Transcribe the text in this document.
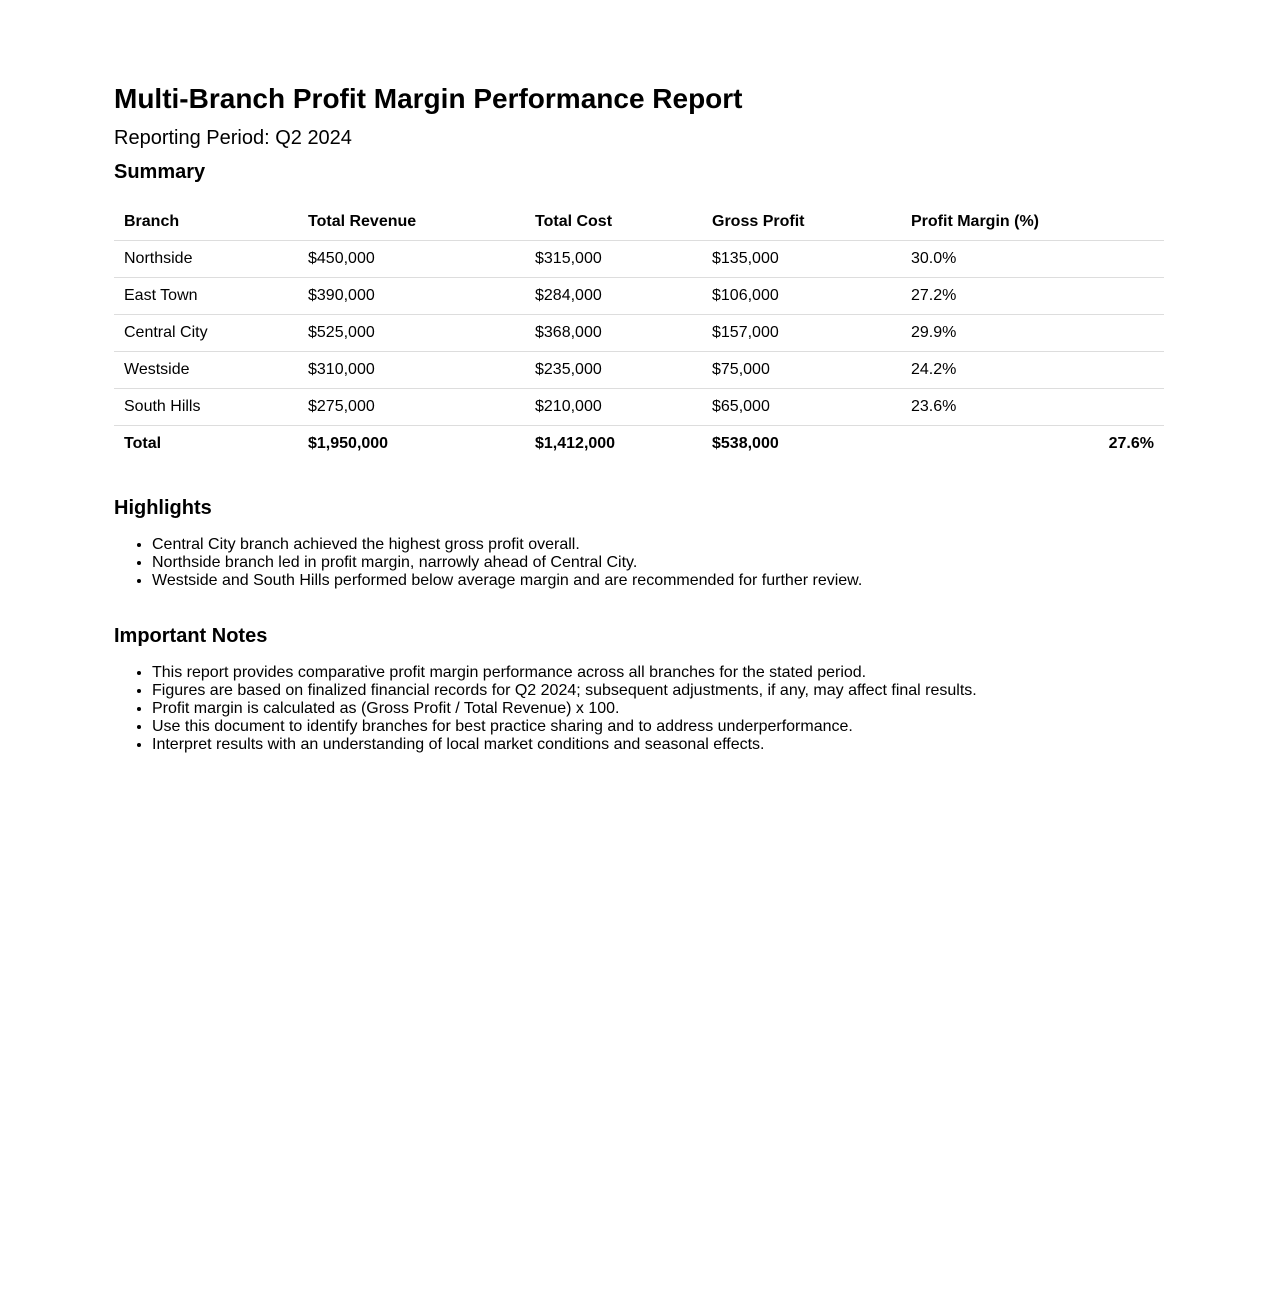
Multi-Branch Profit Margin Performance Report
Reporting Period: Q2 2024
Summary
Branch	Total Revenue	Total Cost	Gross Profit	Profit Margin (%)
Northside	$450,000	$315,000	$135,000	30.0%
East Town	$390,000	$284,000	$106,000	27.2%
Central City	$525,000	$368,000	$157,000	29.9%
Westside	$310,000	$235,000	$75,000	24.2%
South Hills	$275,000	$210,000	$65,000	23.6%
Total	$1,950,000	$1,412,000	$538,000	27.6%
Highlights
• Central City branch achieved the highest gross profit overall.
• Northside branch led in profit margin, narrowly ahead of Central City.
• Westside and South Hills performed below average margin and are recommended for further review.
Important Notes
• This report provides comparative profit margin performance across all branches for the stated period.
• Figures are based on finalized financial records for Q2 2024; subsequent adjustments, if any, may affect final results.
• Profit margin is calculated as (Gross Profit / Total Revenue) x 100.
• Use this document to identify branches for best practice sharing and to address underperformance.
• Interpret results with an understanding of local market conditions and seasonal effects.
